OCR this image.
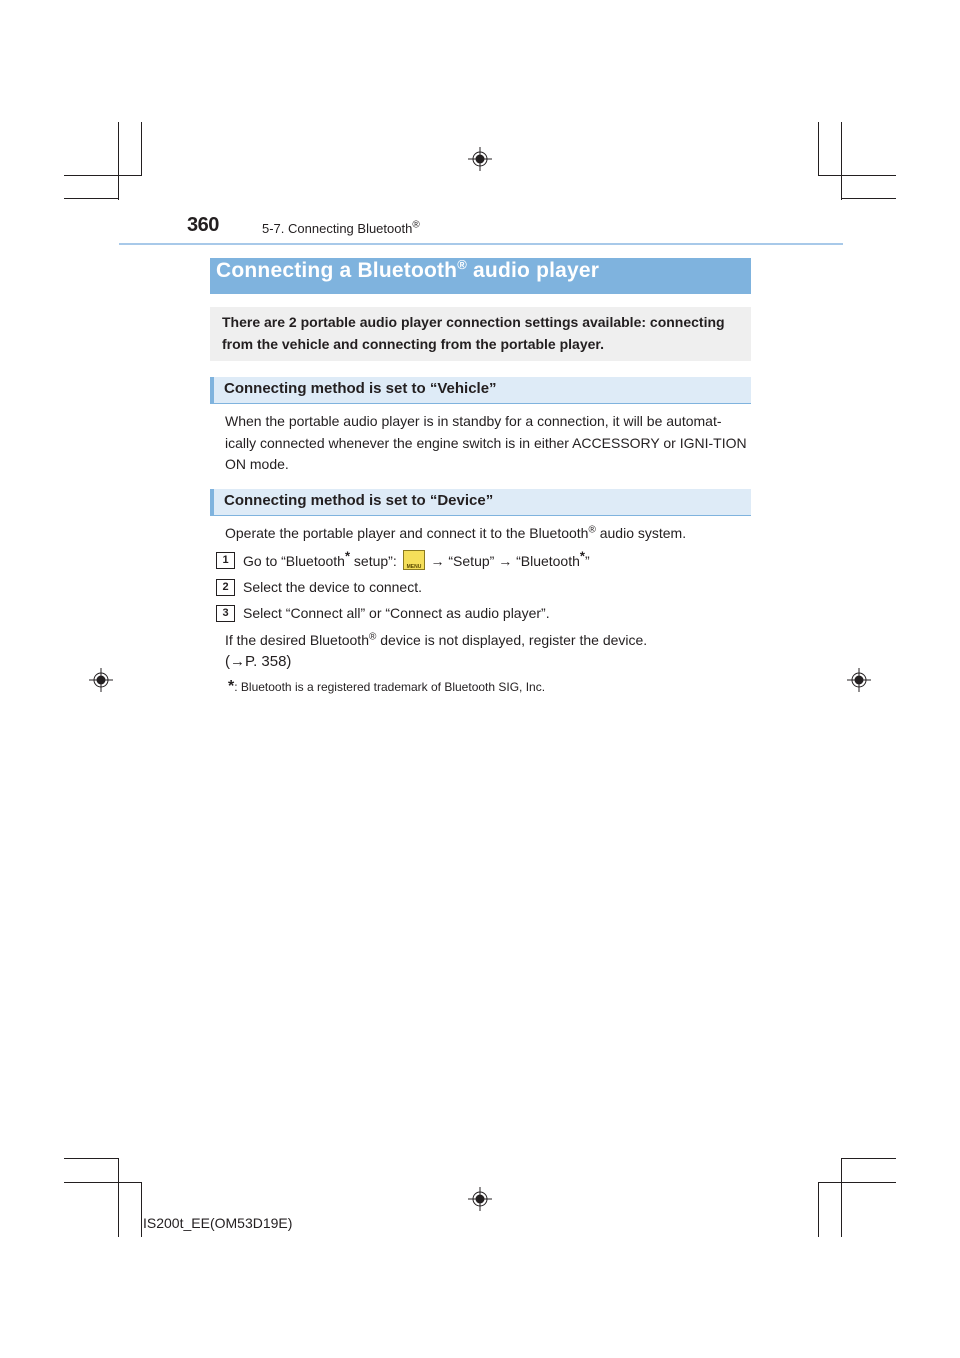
360	5-7. Connecting Bluetooth®
Connecting a Bluetooth® audio player
There are 2 portable audio player connection settings available: connecting from the vehicle and connecting from the portable player.
Connecting method is set to “Vehicle”
When the portable audio player is in standby for a connection, it will be automat-ically connected whenever the engine switch is in either ACCESSORY or IGNI-TION ON mode.
Connecting method is set to “Device”
Operate the portable player and connect it to the Bluetooth® audio system.
1	Go to “Bluetooth* setup”: MENU → “Setup” → “Bluetooth*”
2	Select the device to connect.
3	Select “Connect all” or “Connect as audio player”.
If the desired Bluetooth® device is not displayed, register the device.
(→P. 358)
*: Bluetooth is a registered trademark of Bluetooth SIG, Inc.
IS200t_EE(OM53D19E)
